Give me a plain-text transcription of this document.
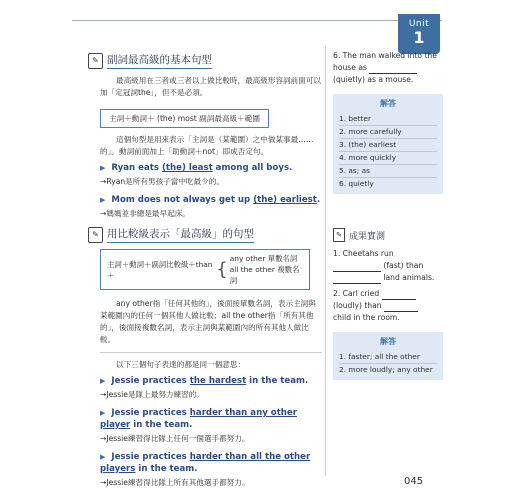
Unit
1
✎ 副詞最高級的基本句型

最高級用在三者或三者以上做比較時，最高級形容詞前面可以加「定冠詞the」，但不是必須。

主詞＋動詞＋ (the) most 副詞最高級＋範圍

這個句型是用來表示「主詞是（某範圍）之中做某事最……的」。動詞前面加上「助動詞＋not」即成否定句。

▶ Ryan eats (the) least among all boys.
→Ryan是所有男孩子當中吃最少的。
▶ Mom does not always get up (the) earliest.
→媽媽並非總是最早起床。
✎ 用比較級表示「最高級」的句型
主詞＋動詞＋副詞比較級＋than＋	{ any other 單數名詞
all the other 複數名詞

any other指「任何其他的」，後面接單數名詞，表示主詞與某範圍內的任何一個其他人做比較；all the other指「所有其他的」，後面接複數名詞，表示主詞與某範圍內的所有其他人做比較。

以下三個句子表達的都是同一個意思：

▶ Jessie practices the hardest in the team.
→Jessie是隊上最努力練習的。
▶ Jessie practices harder than any other player in the team.
→Jessie練習得比隊上任何一個選手都努力。
▶ Jessie practices harder than all the other players in the team.
→Jessie練習得比隊上所有其他選手都努力。

6. The man walked into the house as
(quietly) as a mouse.

解答
1. better
2. more carefully
3. (the) earliest
4. more quickly
5. as; as
6. quietly
✎ 成果實測

1. Cheetahs run
(fast) than
land animals.

2. Carl cried
(loudly) than
child in the room.

解答
1. faster; all the other
2. more loudly; any other
045
